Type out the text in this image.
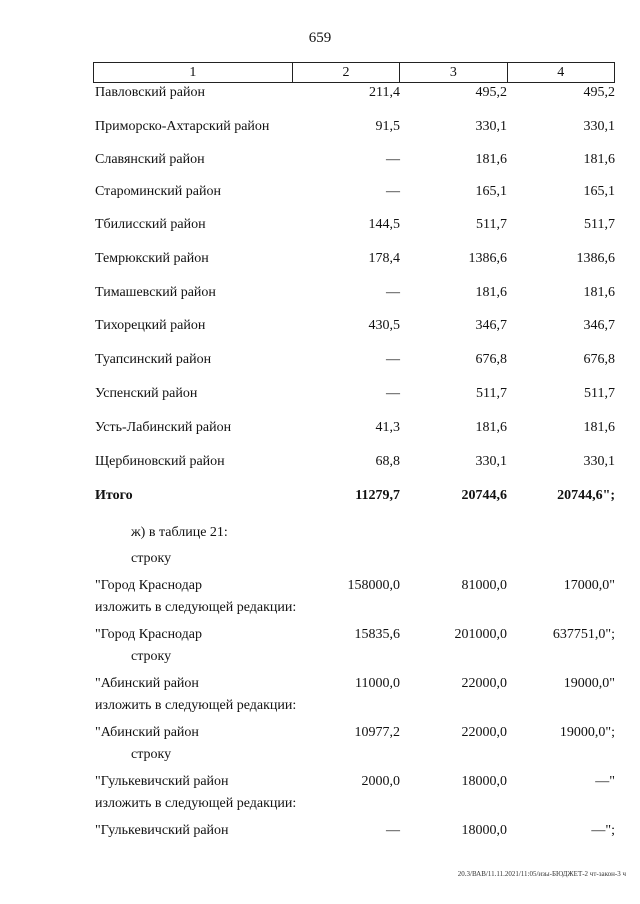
659
1	2	3	4
Павловский район	211,4	495,2	495,2
Приморско-Ахтарский район	91,5	330,1	330,1
Славянский район	—	181,6	181,6
Староминский район	—	165,1	165,1
Тбилисский район	144,5	511,7	511,7
Темрюкский район	178,4	1386,6	1386,6
Тимашевский район	—	181,6	181,6
Тихорецкий район	430,5	346,7	346,7
Туапсинский район	—	676,8	676,8
Успенский район	—	511,7	511,7
Усть-Лабинский район	41,3	181,6	181,6
Щербиновский район	68,8	330,1	330,1
Итого	11279,7	20744,6	20744,6";
ж) в таблице 21:
строку
"Город Краснодар	158000,0	81000,0	17000,0"
изложить в следующей редакции:
"Город Краснодар	15835,6	201000,0	637751,0";
строку
"Абинский район	11000,0	22000,0	19000,0"
изложить в следующей редакции:
"Абинский район	10977,2	22000,0	19000,0";
строку
"Гулькевичский район	2000,0	18000,0	—"
изложить в следующей редакции:
"Гулькевичский район	—	18000,0	—";
20.3/ВАВ/11.11.2021/11:05/изы-БЮДЖЕТ-2 чт-закон-3 ч
